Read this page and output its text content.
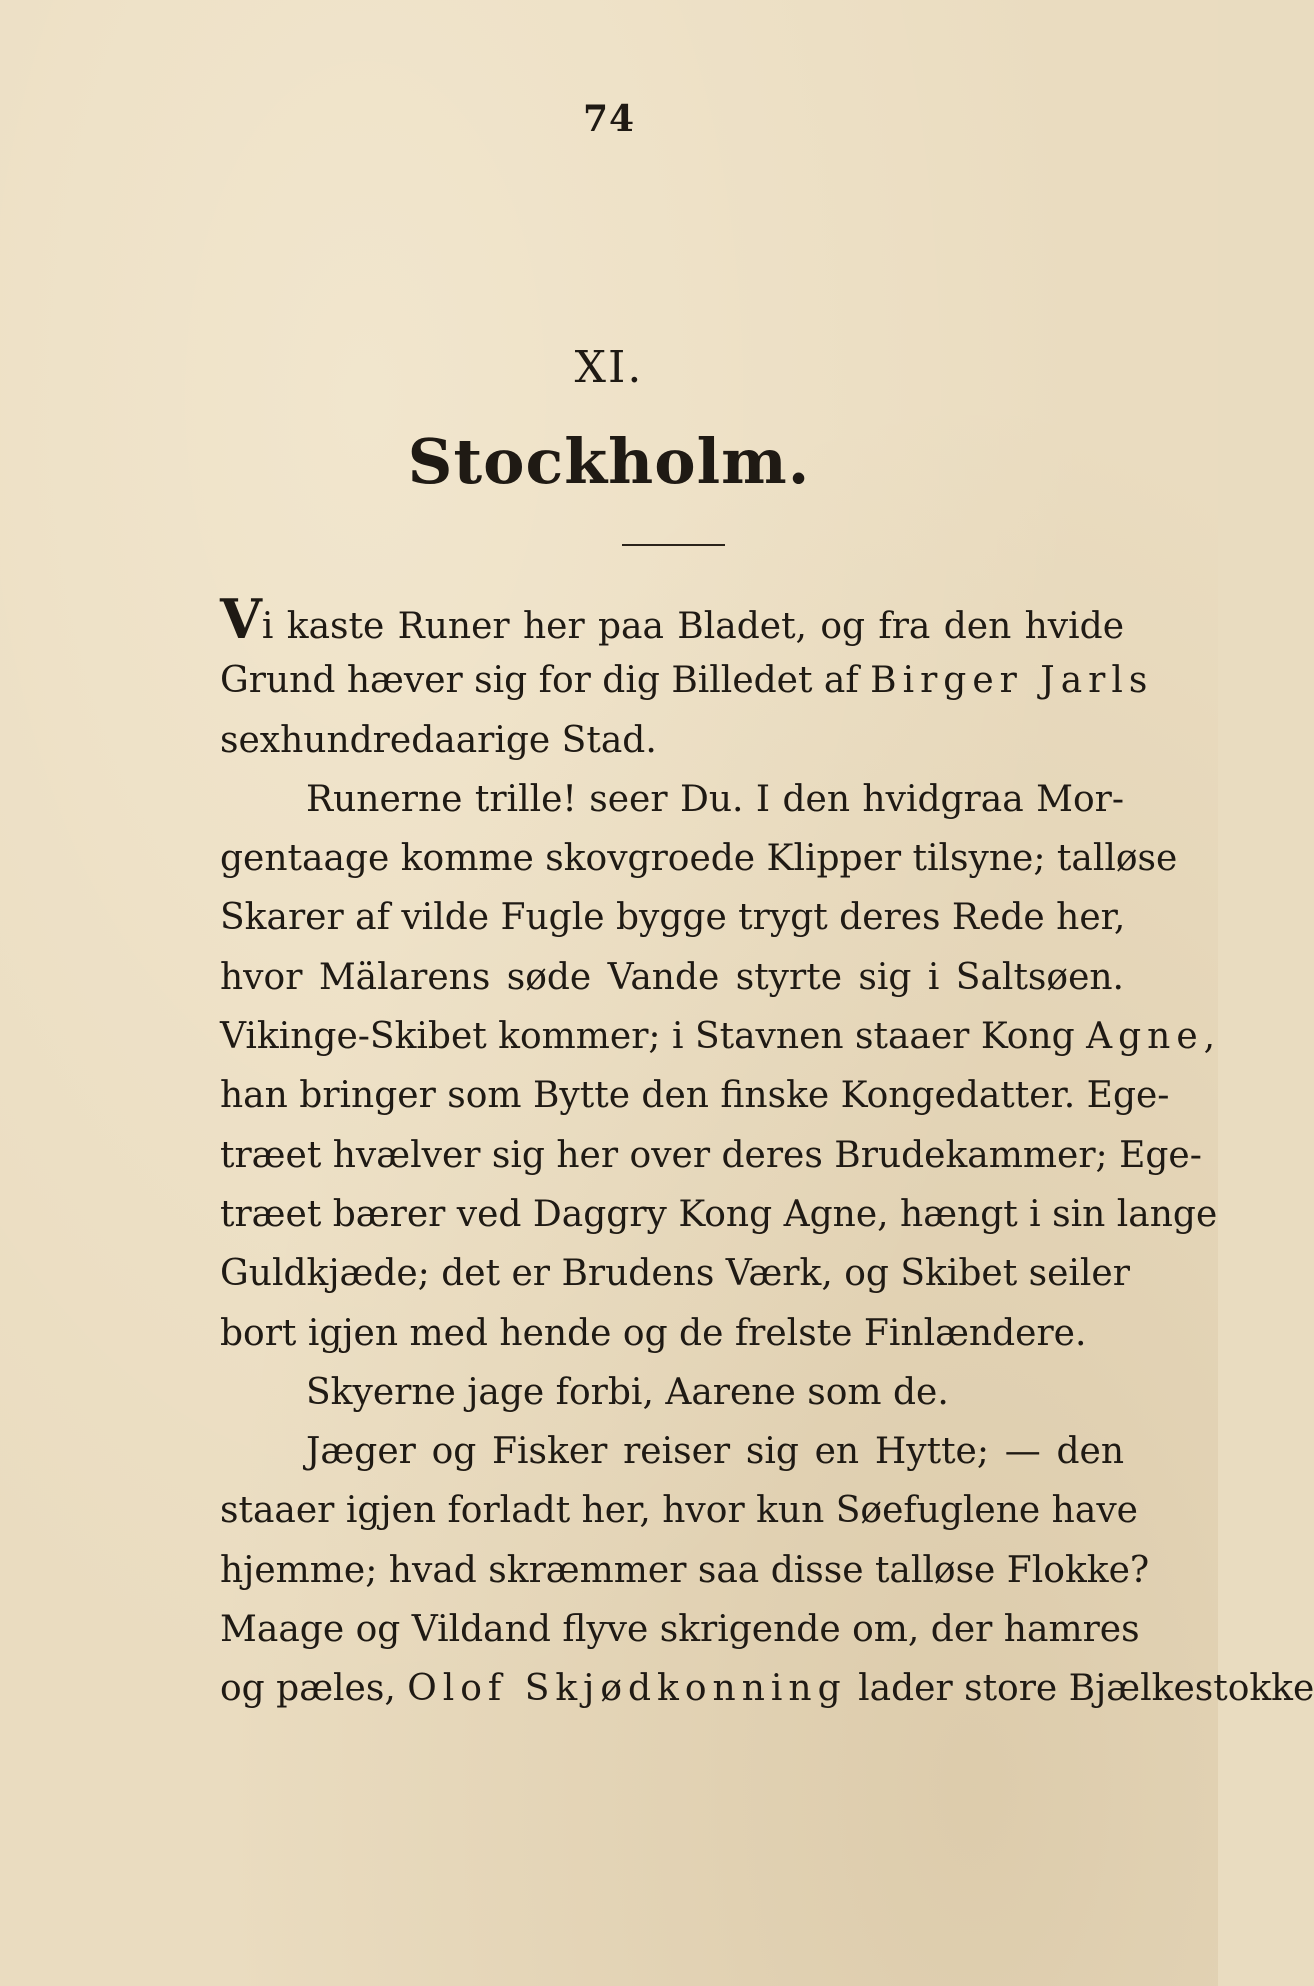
74
XI.
Stockholm.
Vi kaste Runer her paa Bladet, og fra den hvide
Grund hæver sig for dig Billedet af Birger Jarls
sexhundredaarige Stad.
Runerne trille! seer Du. I den hvidgraa Mor-
gentaage komme skovgroede Klipper tilsyne; talløse
Skarer af vilde Fugle bygge trygt deres Rede her,
hvor Mälarens søde Vande styrte sig i Saltsøen.
Vikinge-Skibet kommer; i Stavnen staaer Kong Agne,
han bringer som Bytte den finske Kongedatter. Ege-
træet hvælver sig her over deres Brudekammer; Ege-
træet bærer ved Daggry Kong Agne, hængt i sin lange
Guldkjæde; det er Brudens Værk, og Skibet seiler
bort igjen med hende og de frelste Finlændere.
Skyerne jage forbi, Aarene som de.
Jæger og Fisker reiser sig en Hytte; — den
staaer igjen forladt her, hvor kun Søefuglene have
hjemme; hvad skræmmer saa disse talløse Flokke?
Maage og Vildand flyve skrigende om, der hamres
og pæles, Olof Skjødkonning lader store Bjælkestokke
